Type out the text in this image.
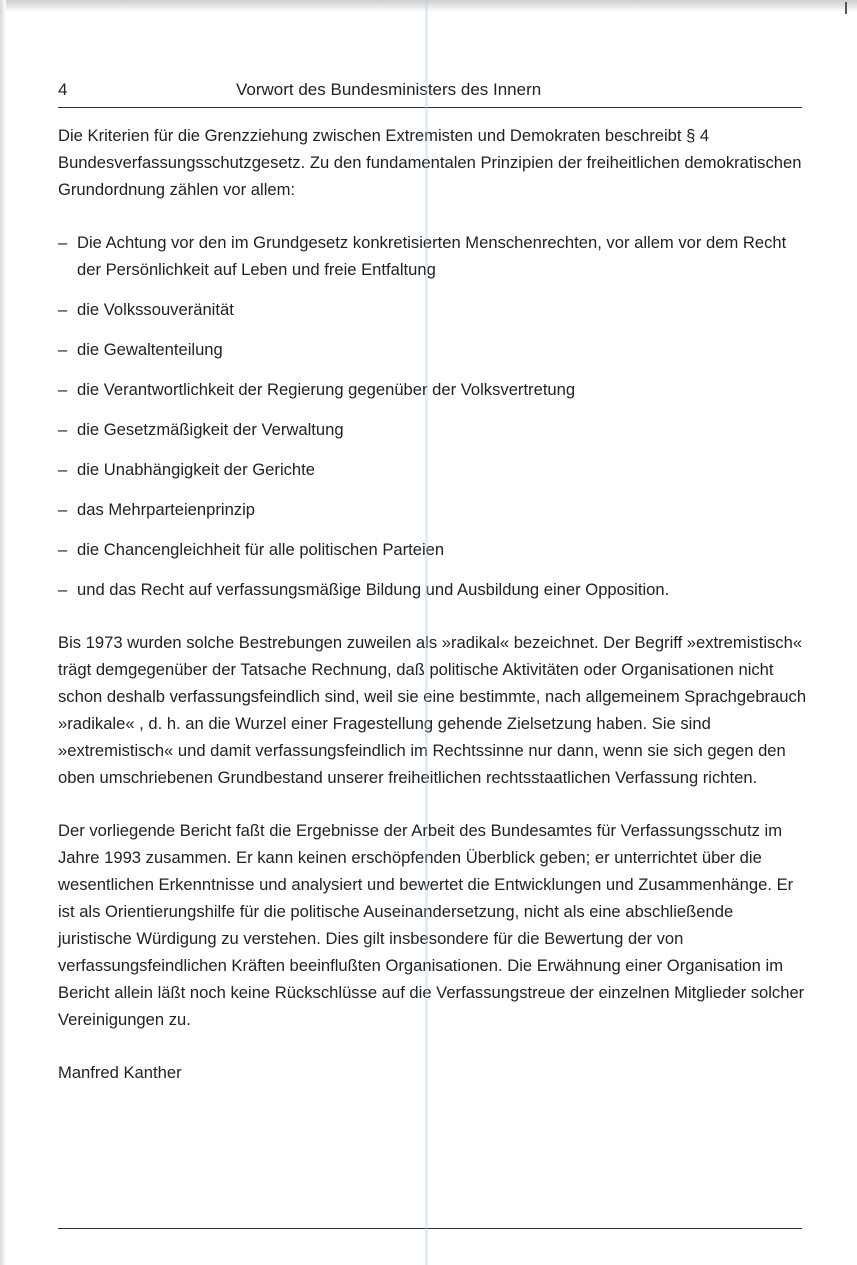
4	Vorwort des Bundesministers des Innern

Die Kriterien für die Grenzziehung zwischen Extremisten und Demokraten beschreibt § 4 Bundesverfassungsschutzgesetz. Zu den fundamentalen Prinzipien der freiheitlichen demokratischen Grundordnung zählen vor allem:

– Die Achtung vor den im Grundgesetz konkretisierten Menschenrechten, vor allem vor dem Recht der Persönlichkeit auf Leben und freie Entfaltung
– die Volkssouveränität
– die Gewaltenteilung
– die Verantwortlichkeit der Regierung gegenüber der Volksvertretung
– die Gesetzmäßigkeit der Verwaltung
– die Unabhängigkeit der Gerichte
– das Mehrparteienprinzip
– die Chancengleichheit für alle politischen Parteien
– und das Recht auf verfassungsmäßige Bildung und Ausbildung einer Opposition.

Bis 1973 wurden solche Bestrebungen zuweilen als »radikal« bezeichnet. Der Begriff »extremistisch« trägt demgegenüber der Tatsache Rechnung, daß politische Aktivitäten oder Organisationen nicht schon deshalb verfassungsfeindlich sind, weil sie eine bestimmte, nach allgemeinem Sprachgebrauch »radikale« , d. h. an die Wurzel einer Fragestellung gehende Zielsetzung haben. Sie sind »extremistisch« und damit verfassungsfeindlich im Rechtssinne nur dann, wenn sie sich gegen den oben umschriebenen Grundbestand unserer freiheitlichen rechtsstaatlichen Verfassung richten.

Der vorliegende Bericht faßt die Ergebnisse der Arbeit des Bundesamtes für Verfassungsschutz im Jahre 1993 zusammen. Er kann keinen erschöpfenden Überblick geben; er unterrichtet über die wesentlichen Erkenntnisse und analysiert und bewertet die Entwicklungen und Zusammenhänge. Er ist als Orientierungshilfe für die politische Auseinandersetzung, nicht als eine abschließende juristische Würdigung zu verstehen. Dies gilt insbesondere für die Bewertung der von verfassungsfeindlichen Kräften beeinflußten Organisationen. Die Erwähnung einer Organisation im Bericht allein läßt noch keine Rückschlüsse auf die Verfassungstreue der einzelnen Mitglieder solcher Vereinigungen zu.

Manfred Kanther
